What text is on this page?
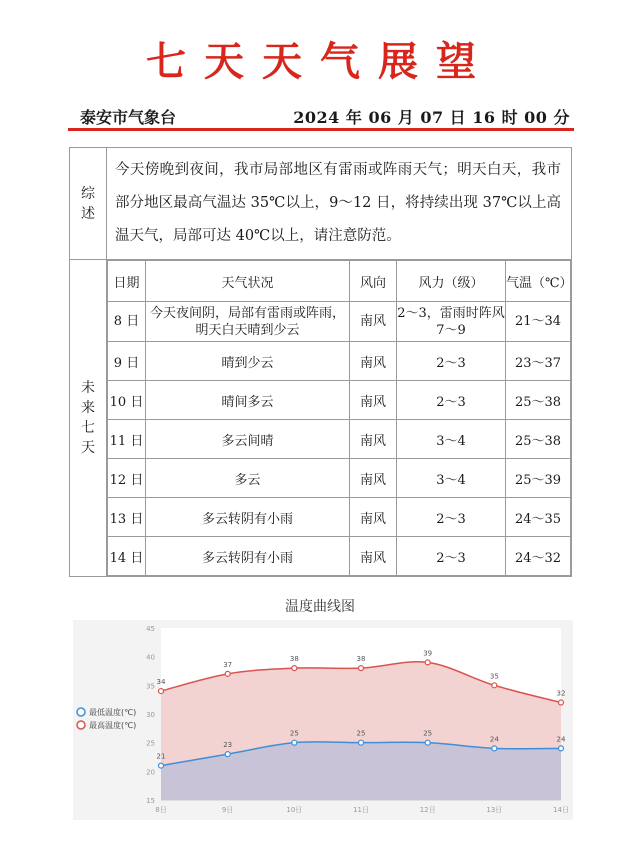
七天天气展望
泰安市气象台	2024 年 06 月 07 日 16 时 00 分
综
述	今天傍晚到夜间，我市局部地区有雷雨或阵雨天气；明天白天，我市部分地区最高气温达 35℃以上，9～12 日，将持续出现 37℃以上高温天气，局部可达 40℃以上，请注意防范。
未
来
七
天	
日期	天气状况	风向	风力（级）	气温（℃）
8 日	今天夜间阴，局部有雷雨或阵雨，明天白天晴到少云	南风	2～3，雷雨时阵风 7～9	21～34
9 日	晴到少云	南风	2～3	23～37
10 日	晴间多云	南风	2～3	25～38
11 日	多云间晴	南风	3～4	25～38
12 日	多云	南风	3～4	25～39
13 日	多云转阴有小雨	南风	2～3	24～35
14 日	多云转阴有小雨	南风	2～3	24～32
温度曲线图
15
20
25
30
35
40
45
21
23
25	25	25
24	24
34
37
38	38
39
35
32
8日	9日	10日	11日	12日	13日	14日
最低温度(℃)
最高温度(℃)
